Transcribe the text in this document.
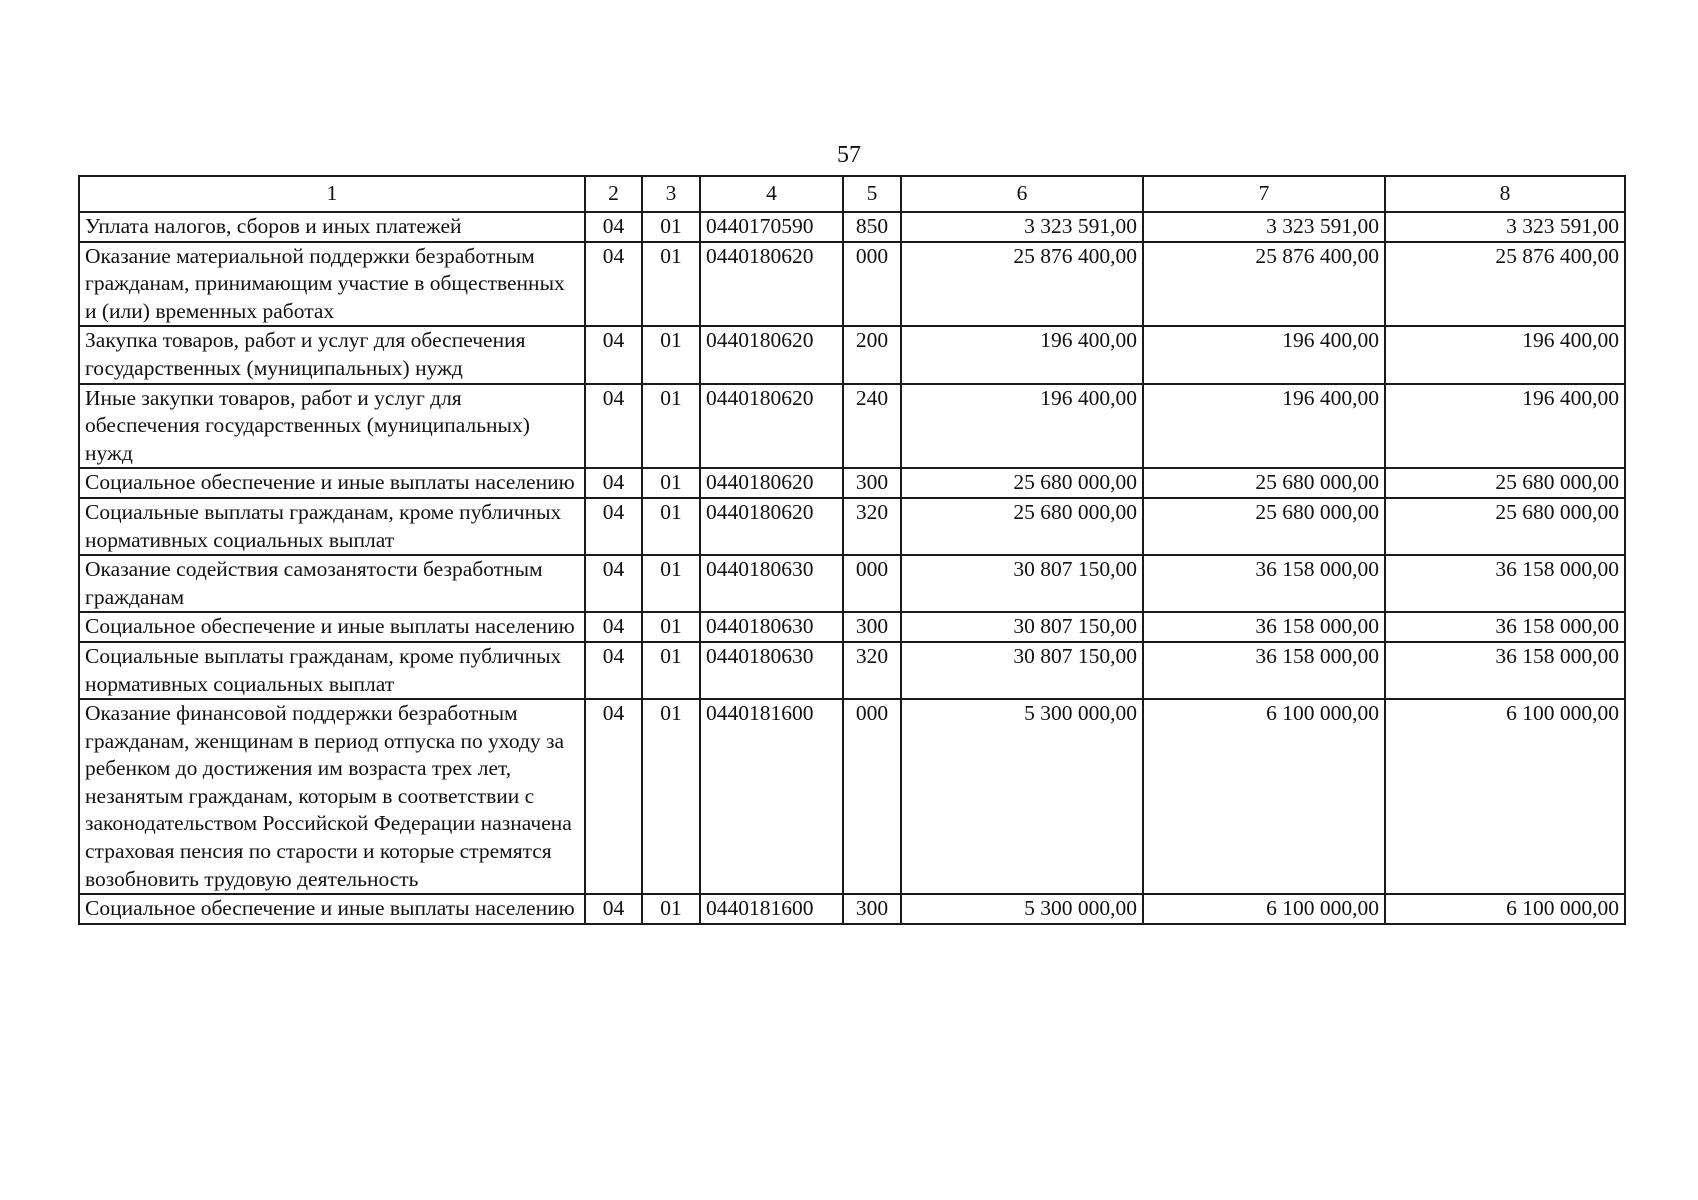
57
1	2	3	4	5	6	7	8
Уплата налогов, сборов и иных платежей	04	01	0440170590	850	3 323 591,00	3 323 591,00	3 323 591,00
Оказание материальной поддержки безработным гражданам, принимающим участие в общественных и (или) временных работах	04	01	0440180620	000	25 876 400,00	25 876 400,00	25 876 400,00
Закупка товаров, работ и услуг для обеспечения государственных (муниципальных) нужд	04	01	0440180620	200	196 400,00	196 400,00	196 400,00
Иные закупки товаров, работ и услуг для обеспечения государственных (муниципальных) нужд	04	01	0440180620	240	196 400,00	196 400,00	196 400,00
Социальное обеспечение и иные выплаты населению	04	01	0440180620	300	25 680 000,00	25 680 000,00	25 680 000,00
Социальные выплаты гражданам, кроме публичных нормативных социальных выплат	04	01	0440180620	320	25 680 000,00	25 680 000,00	25 680 000,00
Оказание содействия самозанятости безработным гражданам	04	01	0440180630	000	30 807 150,00	36 158 000,00	36 158 000,00
Социальное обеспечение и иные выплаты населению	04	01	0440180630	300	30 807 150,00	36 158 000,00	36 158 000,00
Социальные выплаты гражданам, кроме публичных нормативных социальных выплат	04	01	0440180630	320	30 807 150,00	36 158 000,00	36 158 000,00
Оказание финансовой поддержки безработным гражданам, женщинам в период отпуска по уходу за ребенком до достижения им возраста трех лет, незанятым гражданам, которым в соответствии с законодательством Российской Федерации назначена страховая пенсия по старости и которые стремятся возобновить трудовую деятельность	04	01	0440181600	000	5 300 000,00	6 100 000,00	6 100 000,00
Социальное обеспечение и иные выплаты населению	04	01	0440181600	300	5 300 000,00	6 100 000,00	6 100 000,00
